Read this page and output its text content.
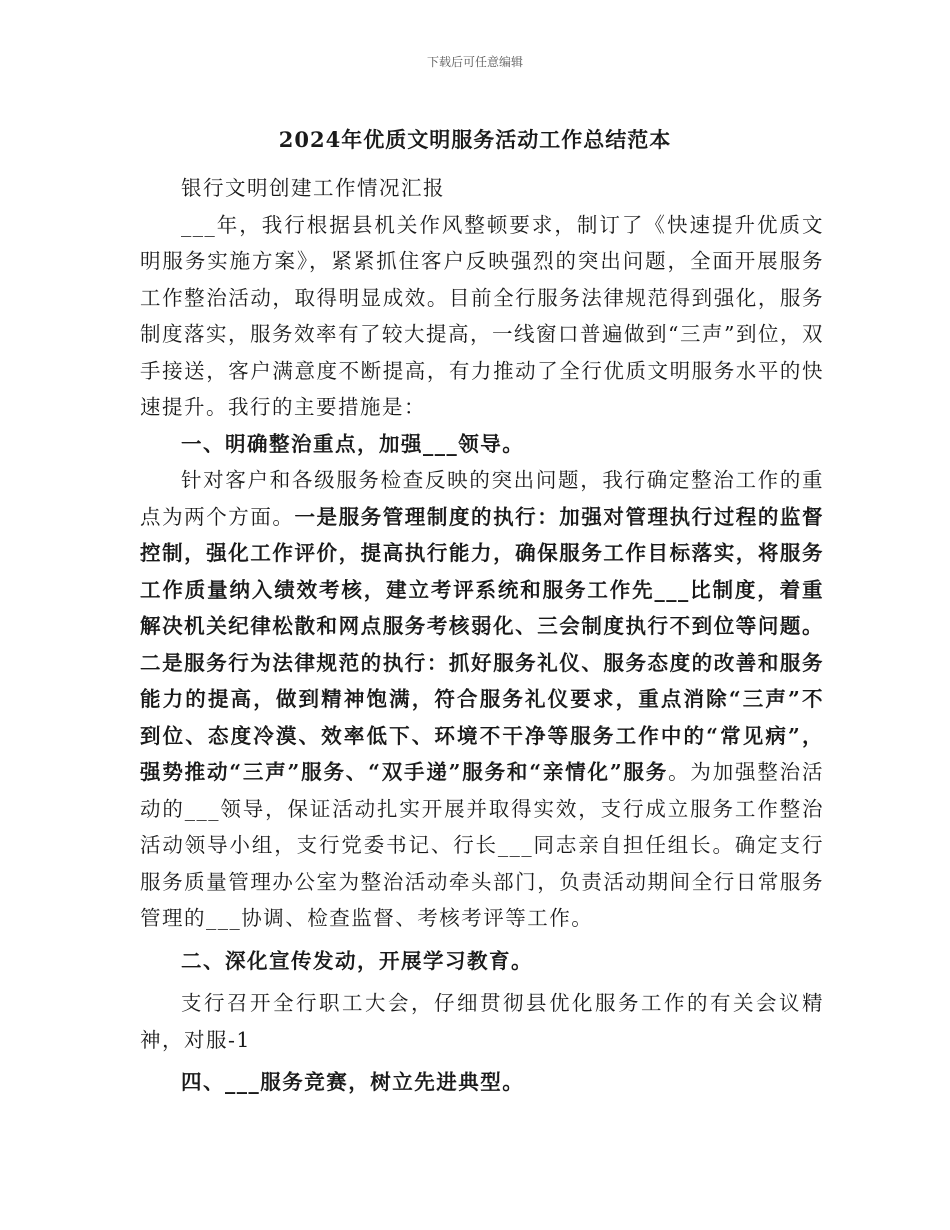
下载后可任意编辑
2024年优质文明服务活动工作总结范本

银行文明创建工作情况汇报

___年，我行根据县机关作风整顿要求，制订了《快速提升优质文明服务实施方案》，紧紧抓住客户反映强烈的突出问题，全面开展服务工作整治活动，取得明显成效。目前全行服务法律规范得到强化，服务制度落实，服务效率有了较大提高，一线窗口普遍做到“三声”到位，双手接送，客户满意度不断提高，有力推动了全行优质文明服务水平的快速提升。我行的主要措施是：

一、明确整治重点，加强___领导。

针对客户和各级服务检查反映的突出问题，我行确定整治工作的重点为两个方面。一是服务管理制度的执行：加强对管理执行过程的监督控制，强化工作评价，提高执行能力，确保服务工作目标落实，将服务工作质量纳入绩效考核，建立考评系统和服务工作先___比制度，着重解决机关纪律松散和网点服务考核弱化、三会制度执行不到位等问题。二是服务行为法律规范的执行：抓好服务礼仪、服务态度的改善和服务能力的提高，做到精神饱满，符合服务礼仪要求，重点消除“三声”不到位、态度冷漠、效率低下、环境不干净等服务工作中的“常见病”，强势推动“三声”服务、“双手递”服务和“亲情化”服务。为加强整治活动的___领导，保证活动扎实开展并取得实效，支行成立服务工作整治活动领导小组，支行党委书记、行长___同志亲自担任组长。确定支行服务质量管理办公室为整治活动牵头部门，负责活动期间全行日常服务管理的___协调、检查监督、考核考评等工作。

二、深化宣传发动，开展学习教育。

支行召开全行职工大会，仔细贯彻县优化服务工作的有关会议精神，对服-1

四、___服务竞赛，树立先进典型。
